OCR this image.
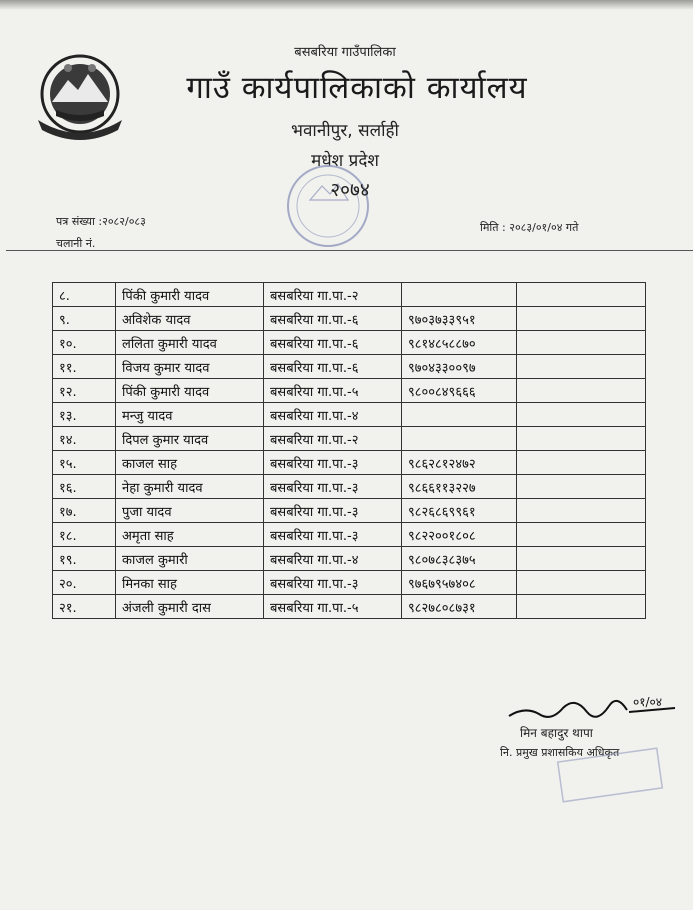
बसबरिया गाउँपालिका
गाउँ कार्यपालिकाको कार्यालय
भवानीपुर, सर्लाही
मधेश प्रदेश
२०७४
पत्र संख्या :२०८२/०८३
चलानी नं.
मिति : २०८३/०१/०४ गते
८.	पिंकी कुमारी यादव	बसबरिया गा.पा.-२		
९.	अविशेक यादव	बसबरिया गा.पा.-६	९७०३७३३९५१	
१०.	ललिता कुमारी यादव	बसबरिया गा.पा.-६	९८१४८५८८७०	
११.	विजय कुमार यादव	बसबरिया गा.पा.-६	९७०४३३००९७	
१२.	पिंकी कुमारी यादव	बसबरिया गा.पा.-५	९८००८४९६६६	
१३.	मन्जु यादव	बसबरिया गा.पा.-४		
१४.	दिपल कुमार यादव	बसबरिया गा.पा.-२		
१५.	काजल साह	बसबरिया गा.पा.-३	९८६२८१२४७२	
१६.	नेहा कुमारी यादव	बसबरिया गा.पा.-३	९८६६११३२२७	
१७.	पुजा यादव	बसबरिया गा.पा.-३	९८२६८६९९६१	
१८.	अमृता साह	बसबरिया गा.पा.-३	९८२२००१८०८	
१९.	काजल कुमारी	बसबरिया गा.पा.-४	९८०७८३८३७५	
२०.	मिनका साह	बसबरिया गा.पा.-३	९७६७९५७४०८	
२१.	अंजली कुमारी दास	बसबरिया गा.पा.-५	९८२७८०८७३१	
०१/०४
मिन बहादुर थापा
नि. प्रमुख प्रशासकिय अधिकृत
